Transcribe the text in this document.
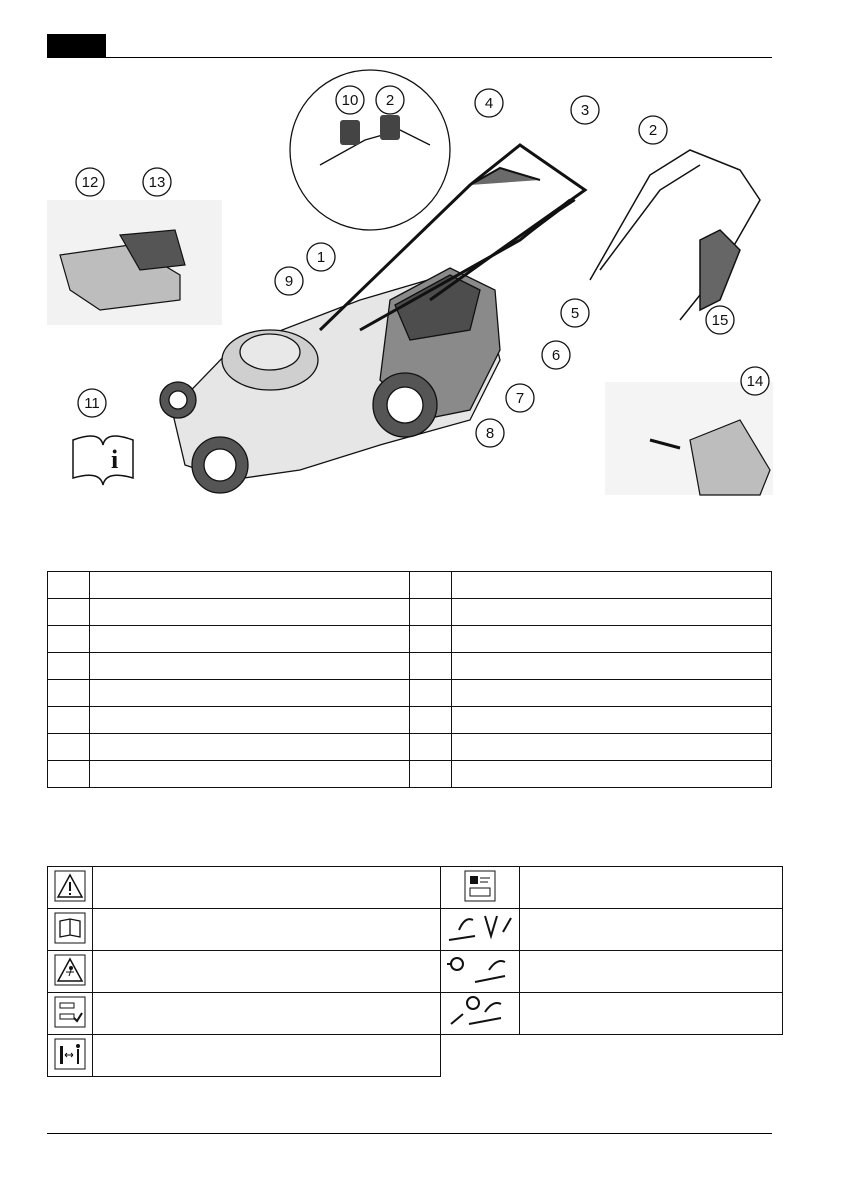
i
1
2
2
3
4
5
6
7
8
9
10
11
12	13
14
15
